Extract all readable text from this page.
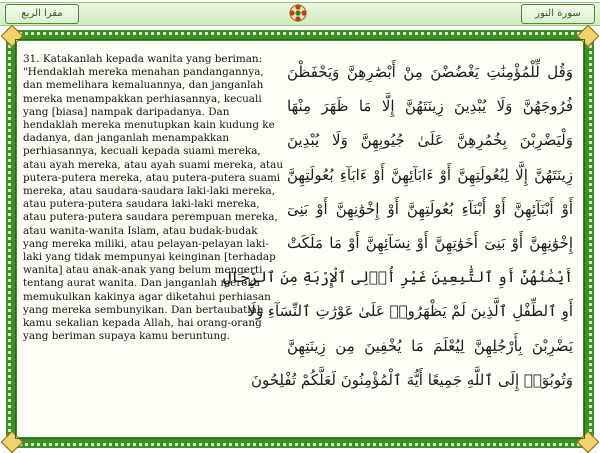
مقرا الربع	سورة النور
31. Katakanlah kepada wanita yang beriman: "Hendaklah mereka menahan pandangannya, dan memelihara kemaluannya, dan janganlah mereka menampakkan perhiasannya, kecuali yang [biasa] nampak daripadanya. Dan hendaklah mereka menutupkan kain kudung ke dadanya, dan janganlah menampakkan perhiasannya, kecuali kepada suami mereka, atau ayah mereka, atau ayah suami mereka, atau putera-putera mereka, atau putera-putera suami mereka, atau saudara-saudara laki-laki mereka, atau putera-putera saudara laki-laki mereka, atau putera-putera saudara perempuan mereka, atau wanita-wanita Islam, atau budak-budak yang mereka miliki, atau pelayan-pelayan laki-laki yang tidak mempunyai keinginan [terhadap wanita] atau anak-anak yang belum mengerti tentang aurat wanita. Dan janganlah mereka memukulkan kakinya agar diketahui perhiasan yang mereka sembunyikan. Dan bertaubatlah kamu sekalian kepada Allah, hai orang-orang yang beriman supaya kamu beruntung.
وَقُل لِّلْمُؤْمِنَٰتِ يَغْضُضْنَ مِنْ أَبْصَٰرِهِنَّ وَيَحْفَظْنَ
فُرُوجَهُنَّ وَلَا يُبْدِينَ زِينَتَهُنَّ إِلَّا مَا ظَهَرَ مِنْهَا
وَلْيَضْرِبْنَ بِخُمُرِهِنَّ عَلَىٰ جُيُوبِهِنَّ وَلَا يُبْدِينَ
زِينَتَهُنَّ إِلَّا لِبُعُولَتِهِنَّ أَوْ ءَابَآئِهِنَّ أَوْ ءَابَآءِ بُعُولَتِهِنَّ
أَوْ أَبْنَآئِهِنَّ أَوْ أَبْنَآءِ بُعُولَتِهِنَّ أَوْ إِخْوَٰنِهِنَّ أَوْ بَنِىٓ
إِخْوَٰنِهِنَّ أَوْ بَنِىٓ أَخَوَٰتِهِنَّ أَوْ نِسَآئِهِنَّ أَوْ مَا مَلَكَتْ
أَيْمَٰنُهُنَّ أَوِ ٱلتَّٰبِعِينَ غَيْرِ أُو۟لِى ٱلْإِرْبَةِ مِنَ ٱلرِّجَالِ
أَوِ ٱلطِّفْلِ ٱلَّذِينَ لَمْ يَظْهَرُوا۟ عَلَىٰ عَوْرَٰتِ ٱلنِّسَآءِ وَلَا
يَضْرِبْنَ بِأَرْجُلِهِنَّ لِيُعْلَمَ مَا يُخْفِينَ مِن زِينَتِهِنَّ
وَتُوبُوٓا۟ إِلَى ٱللَّهِ جَمِيعًا أَيُّهَ ٱلْمُؤْمِنُونَ لَعَلَّكُمْ تُفْلِحُونَ
